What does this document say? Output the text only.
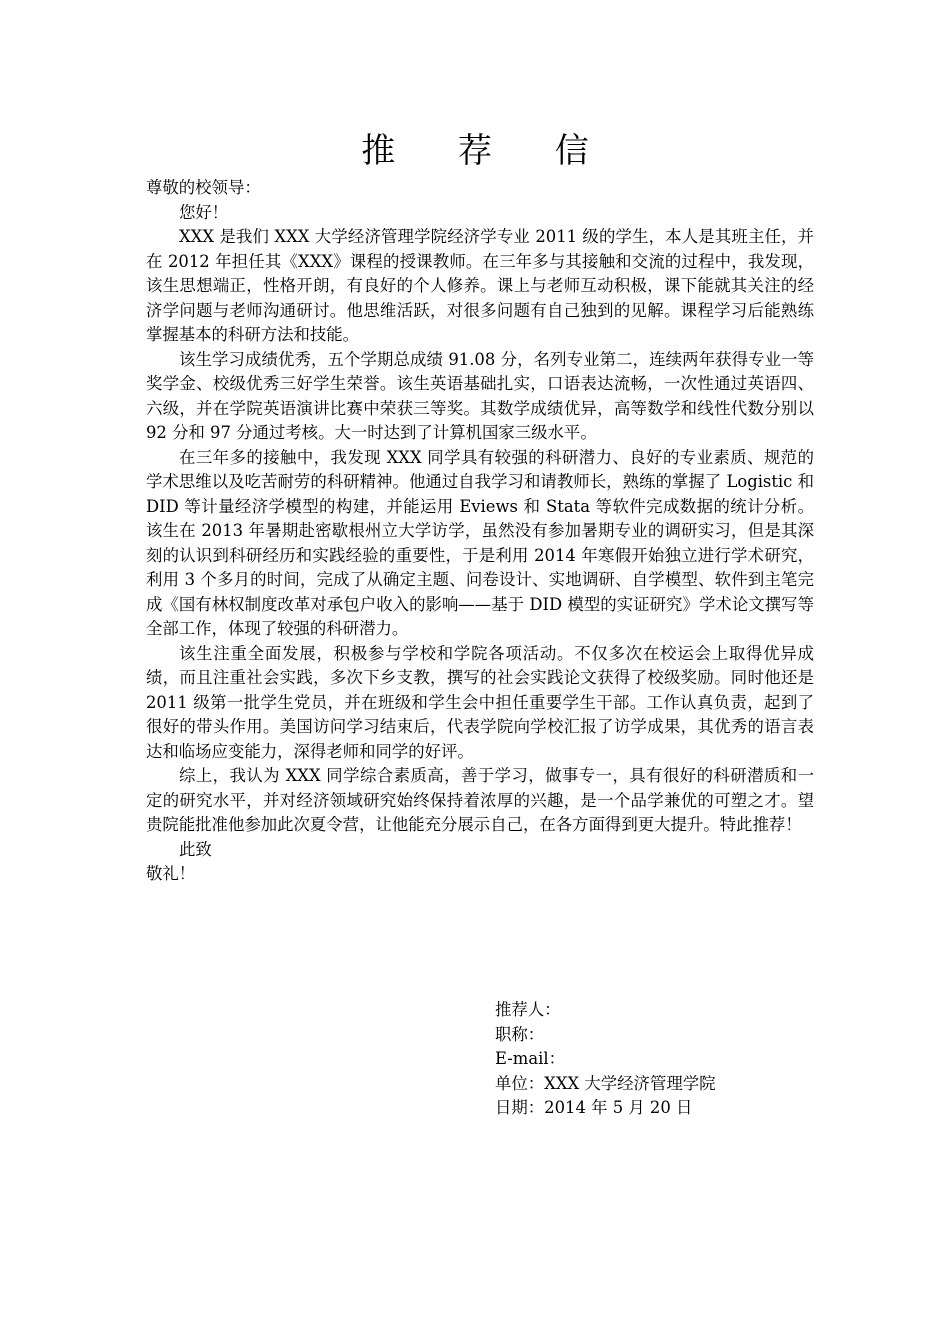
推 荐 信

尊敬的校领导：

您好！

XXX 是我们 XXX 大学经济管理学院经济学专业 2011 级的学生，本人是其班主任，并在 2012 年担任其《XXX》课程的授课教师。在三年多与其接触和交流的过程中，我发现，该生思想端正，性格开朗，有良好的个人修养。课上与老师互动积极，课下能就其关注的经济学问题与老师沟通研讨。他思维活跃，对很多问题有自己独到的见解。课程学习后能熟练掌握基本的科研方法和技能。

该生学习成绩优秀，五个学期总成绩 91.08 分，名列专业第二，连续两年获得专业一等奖学金、校级优秀三好学生荣誉。该生英语基础扎实，口语表达流畅，一次性通过英语四、六级，并在学院英语演讲比赛中荣获三等奖。其数学成绩优异，高等数学和线性代数分别以 92 分和 97 分通过考核。大一时达到了计算机国家三级水平。

在三年多的接触中，我发现 XXX 同学具有较强的科研潜力、良好的专业素质、规范的学术思维以及吃苦耐劳的科研精神。他通过自我学习和请教师长，熟练的掌握了 Logistic 和 DID 等计量经济学模型的构建，并能运用 Eviews 和 Stata 等软件完成数据的统计分析。该生在 2013 年暑期赴密歇根州立大学访学，虽然没有参加暑期专业的调研实习，但是其深刻的认识到科研经历和实践经验的重要性，于是利用 2014 年寒假开始独立进行学术研究，利用 3 个多月的时间，完成了从确定主题、问卷设计、实地调研、自学模型、软件到主笔完成《国有林权制度改革对承包户收入的影响——基于 DID 模型的实证研究》学术论文撰写等全部工作，体现了较强的科研潜力。

该生注重全面发展，积极参与学校和学院各项活动。不仅多次在校运会上取得优异成绩，而且注重社会实践，多次下乡支教，撰写的社会实践论文获得了校级奖励。同时他还是 2011 级第一批学生党员，并在班级和学生会中担任重要学生干部。工作认真负责，起到了很好的带头作用。美国访问学习结束后，代表学院向学校汇报了访学成果，其优秀的语言表达和临场应变能力，深得老师和同学的好评。

综上，我认为 XXX 同学综合素质高，善于学习，做事专一，具有很好的科研潜质和一定的研究水平，并对经济领域研究始终保持着浓厚的兴趣，是一个品学兼优的可塑之才。望贵院能批准他参加此次夏令营，让他能充分展示自己，在各方面得到更大提升。特此推荐！

此致

敬礼！

推荐人：
职称：
E-mail：
单位：XXX 大学经济管理学院
日期：2014 年 5 月 20 日
